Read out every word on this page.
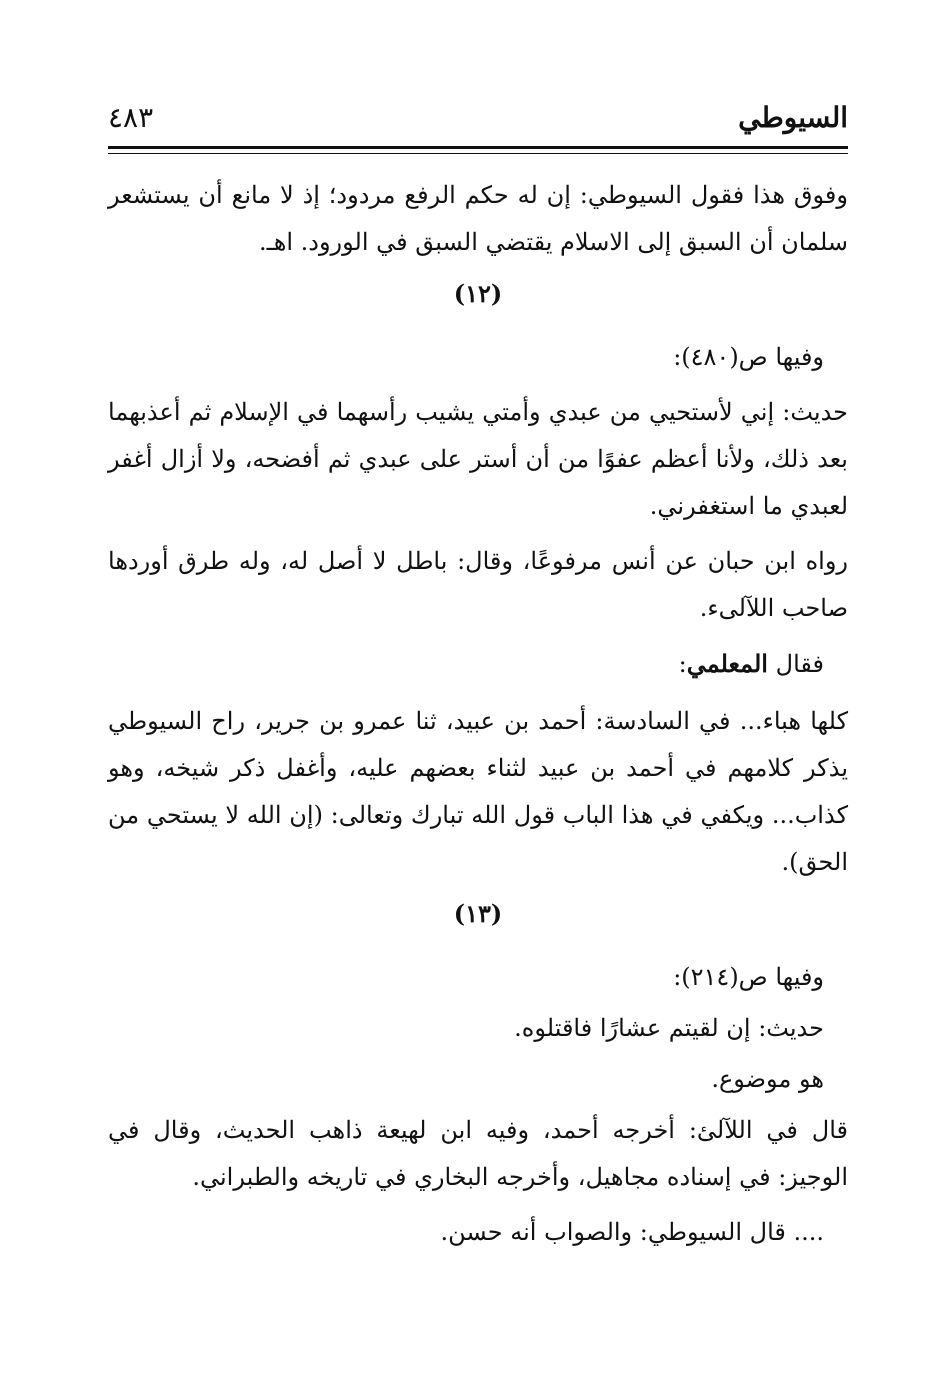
السيوطي
٤٨٣

وفوق هذا فقول السيوطي: إن له حكم الرفع مردود؛ إذ لا مانع أن يستشعر سلمان أن السبق إلى الاسلام يقتضي السبق في الورود. اهـ.

(١٢)

وفيها ص(٤٨٠):

حديث: إني لأستحيي من عبدي وأمتي يشيب رأسهما في الإسلام ثم أعذبهما بعد ذلك، ولأنا أعظم عفوًا من أن أستر على عبدي ثم أفضحه، ولا أزال أغفر لعبدي ما استغفرني.

رواه ابن حبان عن أنس مرفوعًا، وقال: باطل لا أصل له، وله طرق أوردها صاحب اللآلىء.

فقال المعلمي:

كلها هباء... في السادسة: أحمد بن عبيد، ثنا عمرو بن جرير، راح السيوطي يذكر كلامهم في أحمد بن عبيد لثناء بعضهم عليه، وأغفل ذكر شيخه، وهو كذاب... ويكفي في هذا الباب قول الله تبارك وتعالى: (إن الله لا يستحي من الحق).

(١٣)

وفيها ص(٢١٤):

حديث: إن لقيتم عشارًا فاقتلوه.

هو موضوع.

قال في اللآلئ: أخرجه أحمد، وفيه ابن لهيعة ذاهب الحديث، وقال في الوجيز: في إسناده مجاهيل، وأخرجه البخاري في تاريخه والطبراني.

.... قال السيوطي: والصواب أنه حسن.
